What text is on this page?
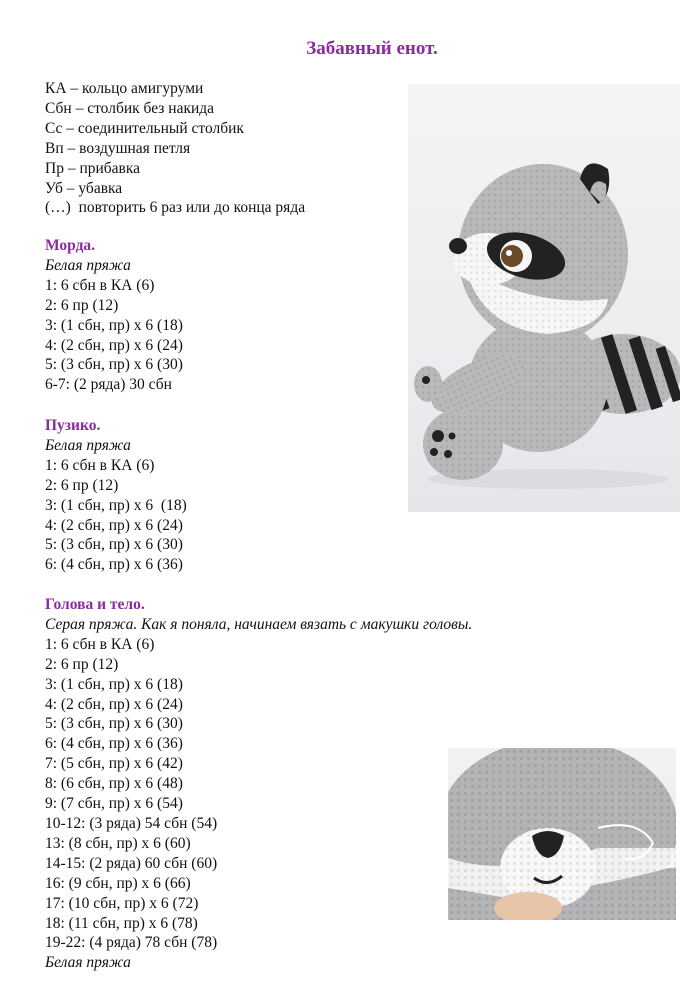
Забавный енот.
КА – кольцо амигуруми
Сбн – столбик без накида
Сс – соединительный столбик
Вп – воздушная петля
Пр – прибавка
Уб – убавка
(…)  повторить 6 раз или до конца ряда
Морда.
Белая пряжа
1: 6 сбн в КА (6)
2: 6 пр (12)
3: (1 сбн, пр) х 6 (18)
4: (2 сбн, пр) х 6 (24)
5: (3 сбн, пр) х 6 (30)
6-7: (2 ряда) 30 сбн
Пузико.
Белая пряжа
1: 6 сбн в КА (6)
2: 6 пр (12)
3: (1 сбн, пр) х 6  (18)
4: (2 сбн, пр) х 6 (24)
5: (3 сбн, пр) х 6 (30)
6: (4 сбн, пр) х 6 (36)
Голова и тело.
Серая пряжа. Как я поняла, начинаем вязать с макушки головы.
1: 6 сбн в КА (6)
2: 6 пр (12)
3: (1 сбн, пр) х 6 (18)
4: (2 сбн, пр) х 6 (24)
5: (3 сбн, пр) х 6 (30)
6: (4 сбн, пр) х 6 (36)
7: (5 сбн, пр) х 6 (42)
8: (6 сбн, пр) х 6 (48)
9: (7 сбн, пр) х 6 (54)
10-12: (3 ряда) 54 сбн (54)
13: (8 сбн, пр) х 6 (60)
14-15: (2 ряда) 60 сбн (60)
16: (9 сбн, пр) х 6 (66)
17: (10 сбн, пр) х 6 (72)
18: (11 сбн, пр) х 6 (78)
19-22: (4 ряда) 78 сбн (78)
Белая пряжа
